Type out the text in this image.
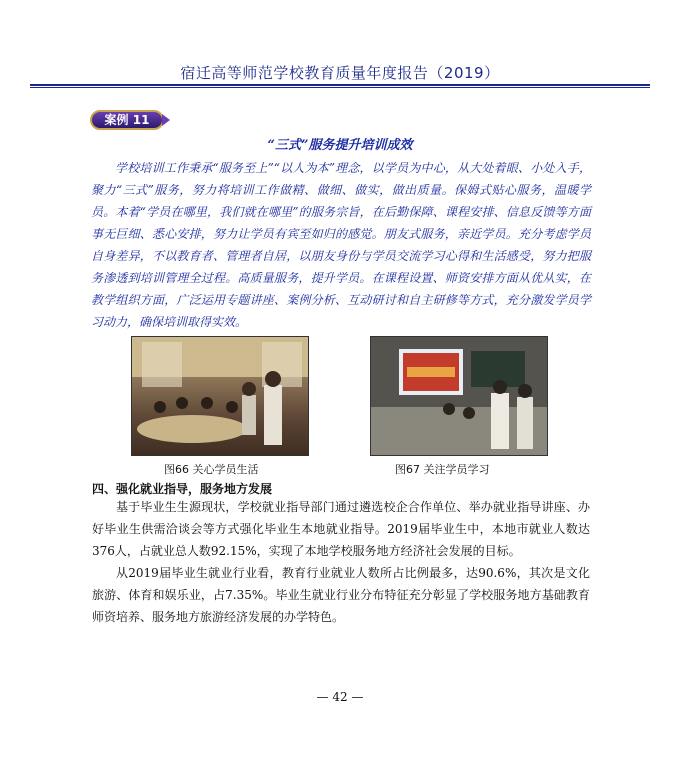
宿迁高等师范学校教育质量年度报告（2019）
案例 11
“三式”服务提升培训成效

学校培训工作秉承“服务至上”“以人为本”理念，以学员为中心，从大处着眼、小处入手，聚力“三式”服务，努力将培训工作做精、做细、做实，做出质量。保姆式贴心服务，温暖学员。本着“学员在哪里，我们就在哪里”的服务宗旨，在后勤保障、课程安排、信息反馈等方面事无巨细、悉心安排，努力让学员有宾至如归的感觉。朋友式服务，亲近学员。充分考虑学员自身差异，不以教育者、管理者自居，以朋友身份与学员交流学习心得和生活感受，努力把服务渗透到培训管理全过程。高质量服务，提升学员。在课程设置、师资安排方面从优从实，在教学组织方面，广泛运用专题讲座、案例分析、互动研讨和自主研修等方式，充分激发学员学习动力，确保培训取得实效。

图66 关心学员生活	图67 关注学员学习
四、强化就业指导，服务地方发展

基于毕业生生源现状，学校就业指导部门通过遴选校企合作单位、举办就业指导讲座、办好毕业生供需洽谈会等方式强化毕业生本地就业指导。2019届毕业生中，本地市就业人数达376人，占就业总人数92.15%，实现了本地学校服务地方经济社会发展的目标。

从2019届毕业生就业行业看，教育行业就业人数所占比例最多，达90.6%，其次是文化旅游、体育和娱乐业，占7.35%。毕业生就业行业分布特征充分彰显了学校服务地方基础教育师资培养、服务地方旅游经济发展的办学特色。

— 42 —
